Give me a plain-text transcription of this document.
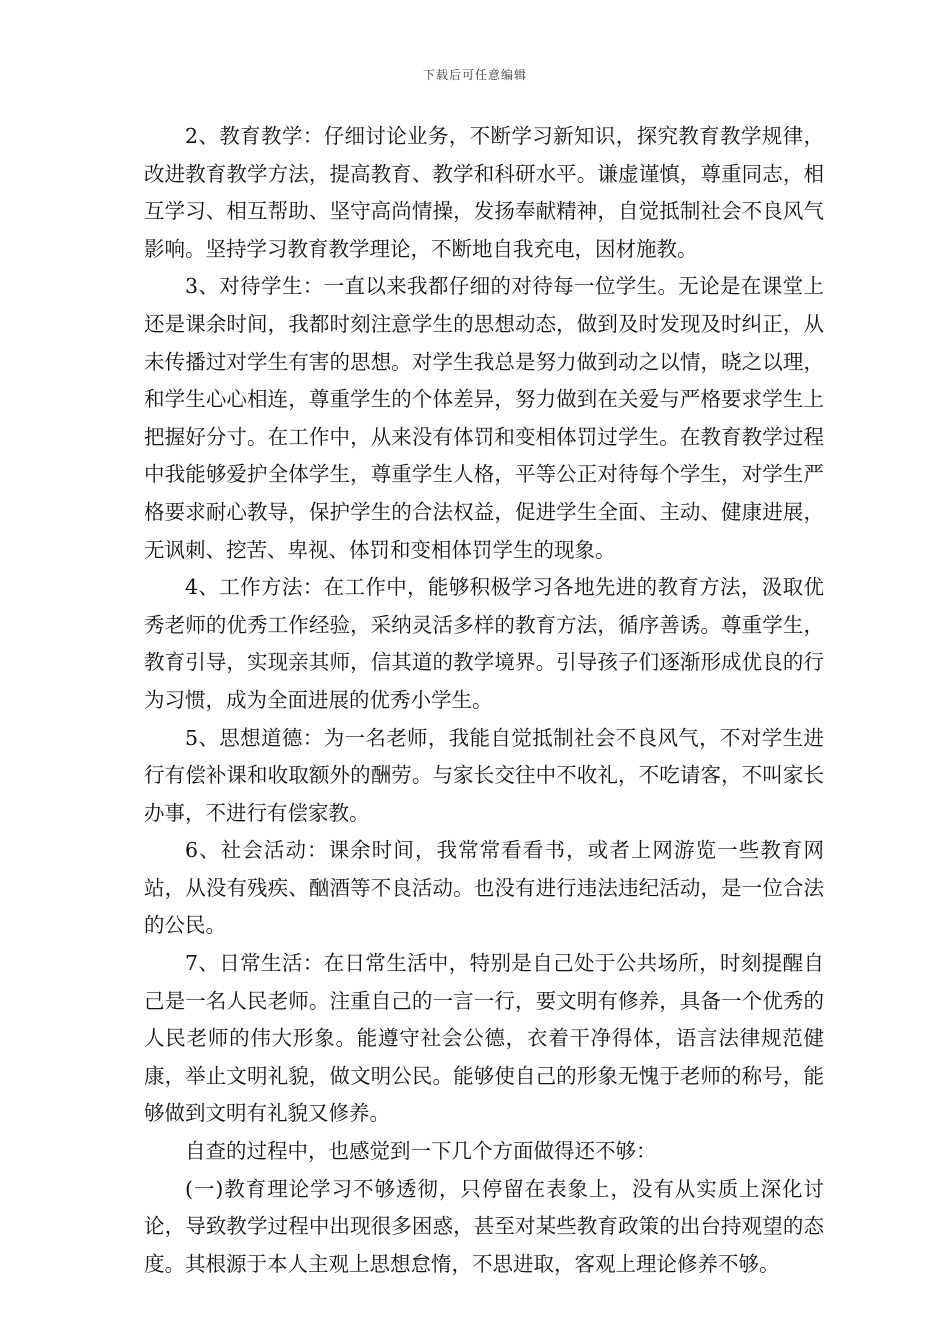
下载后可任意编辑

2、教育教学：仔细讨论业务，不断学习新知识，探究教育教学规律，改进教育教学方法，提高教育、教学和科研水平。谦虚谨慎，尊重同志，相互学习、相互帮助、坚守高尚情操，发扬奉献精神，自觉抵制社会不良风气影响。坚持学习教育教学理论，不断地自我充电，因材施教。

3、对待学生：一直以来我都仔细的对待每一位学生。无论是在课堂上还是课余时间，我都时刻注意学生的思想动态，做到及时发现及时纠正，从未传播过对学生有害的思想。对学生我总是努力做到动之以情，晓之以理，和学生心心相连，尊重学生的个体差异，努力做到在关爱与严格要求学生上把握好分寸。在工作中，从来没有体罚和变相体罚过学生。在教育教学过程中我能够爱护全体学生，尊重学生人格，平等公正对待每个学生，对学生严格要求耐心教导，保护学生的合法权益，促进学生全面、主动、健康进展，无讽刺、挖苦、卑视、体罚和变相体罚学生的现象。

4、工作方法：在工作中，能够积极学习各地先进的教育方法，汲取优秀老师的优秀工作经验，采纳灵活多样的教育方法，循序善诱。尊重学生，教育引导，实现亲其师，信其道的教学境界。引导孩子们逐渐形成优良的行为习惯，成为全面进展的优秀小学生。

5、思想道德：为一名老师，我能自觉抵制社会不良风气，不对学生进行有偿补课和收取额外的酬劳。与家长交往中不收礼，不吃请客，不叫家长办事，不进行有偿家教。

6、社会活动：课余时间，我常常看看书，或者上网游览一些教育网站，从没有残疾、酗酒等不良活动。也没有进行违法违纪活动，是一位合法的公民。

7、日常生活：在日常生活中，特别是自己处于公共场所，时刻提醒自己是一名人民老师。注重自己的一言一行，要文明有修养，具备一个优秀的人民老师的伟大形象。能遵守社会公德，衣着干净得体，语言法律规范健康，举止文明礼貌，做文明公民。能够使自己的形象无愧于老师的称号，能够做到文明有礼貌又修养。

自查的过程中，也感觉到一下几个方面做得还不够：

(一)教育理论学习不够透彻，只停留在表象上，没有从实质上深化讨论，导致教学过程中出现很多困惑，甚至对某些教育政策的出台持观望的态度。其根源于本人主观上思想怠惰，不思进取，客观上理论修养不够。
